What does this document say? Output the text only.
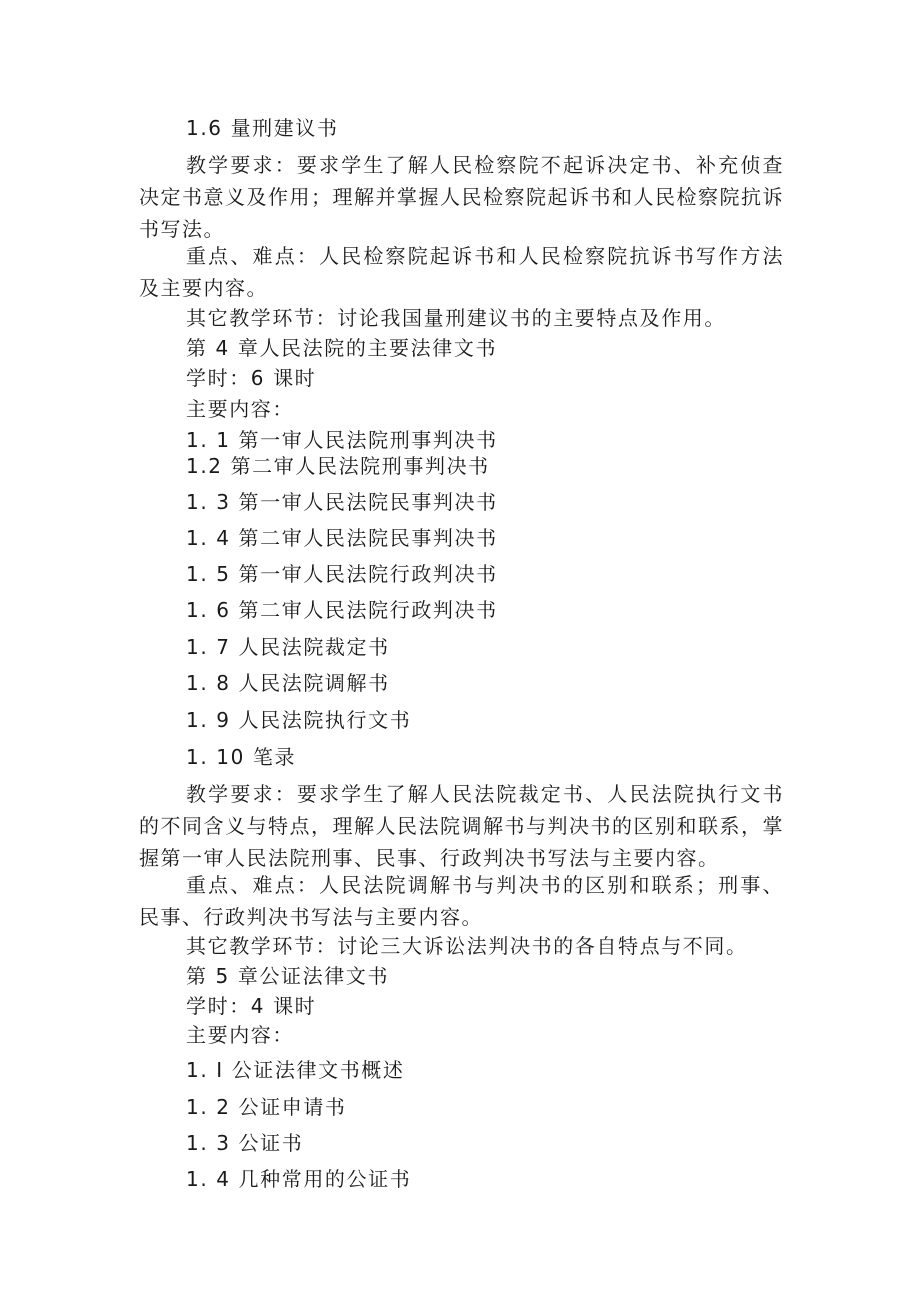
1.6 量刑建议书
教学要求：要求学生了解人民检察院不起诉决定书、补充侦查决定书意义及作用；理解并掌握人民检察院起诉书和人民检察院抗诉书写法。
重点、难点：人民检察院起诉书和人民检察院抗诉书写作方法及主要内容。
其它教学环节：讨论我国量刑建议书的主要特点及作用。
第 4 章人民法院的主要法律文书
学时：6 课时
主要内容：
1. 1 第一审人民法院刑事判决书
1.2 第二审人民法院刑事判决书
1. 3 第一审人民法院民事判决书
1. 4 第二审人民法院民事判决书
1. 5 第一审人民法院行政判决书
1. 6 第二审人民法院行政判决书
1. 7 人民法院裁定书
1. 8 人民法院调解书
1. 9 人民法院执行文书
1. 10 笔录
教学要求：要求学生了解人民法院裁定书、人民法院执行文书的不同含义与特点，理解人民法院调解书与判决书的区别和联系，掌握第一审人民法院刑事、民事、行政判决书写法与主要内容。
重点、难点：人民法院调解书与判决书的区别和联系；刑事、民事、行政判决书写法与主要内容。
其它教学环节：讨论三大诉讼法判决书的各自特点与不同。
第 5 章公证法律文书
学时：4 课时
主要内容：
1. I 公证法律文书概述
1. 2 公证申请书
1. 3 公证书
1. 4 几种常用的公证书
